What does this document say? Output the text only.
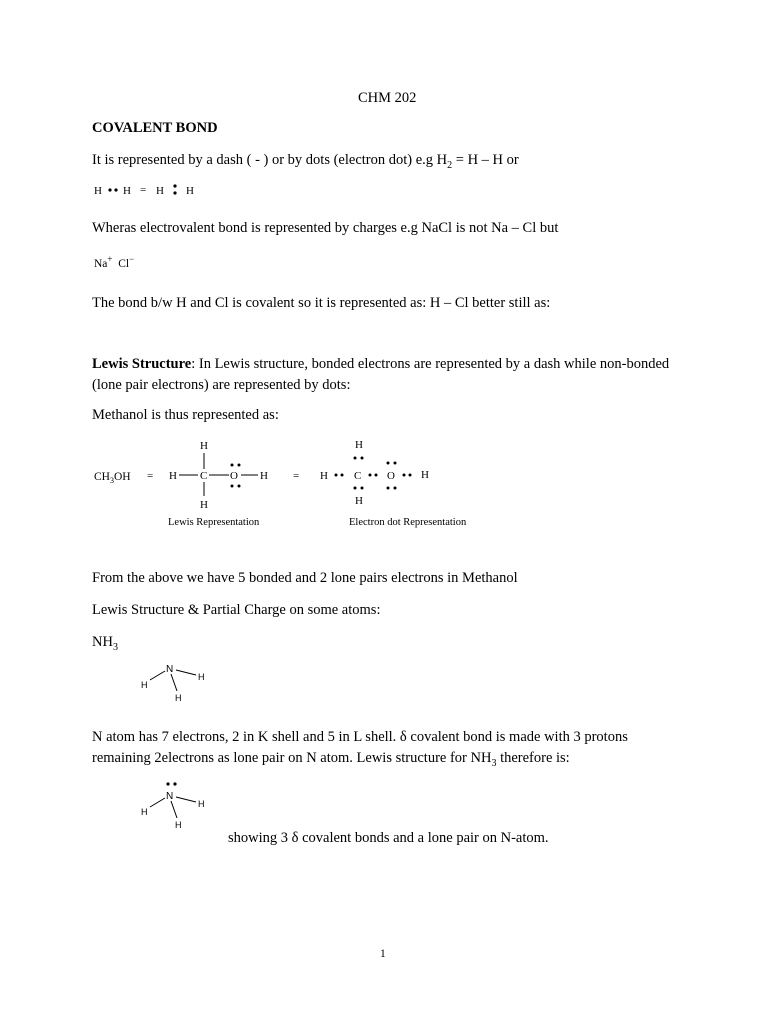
CHM 202
COVALENT BOND
It is represented by a dash ( - ) or by dots (electron dot) e.g $H_2 = H - H$ or
H H = H H
Wheras electrovalent bond is represented by charges e.g NaCl is not Na – Cl but
Na+ Cl−
The bond b/w H and Cl is covalent so it is represented as: H – Cl better still as:
Lewis Structure: In Lewis structure, bonded electrons are represented by a dash while non-bonded (lone pair electrons) are represented by dots:
Methanol is thus represented as:
$CH_3OH$ =
H
H C O H
H
Lewis Representation
=
H
H C O H
H
Electron dot Representation
From the above we have 5 bonded and 2 lone pairs electrons in Methanol
Lewis Structure & Partial Charge on some atoms:
$NH_3$
N
H
H
H
N atom has 7 electrons, 2 in K shell and 5 in L shell. δ covalent bond is made with 3 protons remaining 2electrons as lone pair on N atom. Lewis structure for $NH_3$ therefore is:
N
H
H
H
showing 3 δ covalent bonds and a lone pair on N-atom.
1
